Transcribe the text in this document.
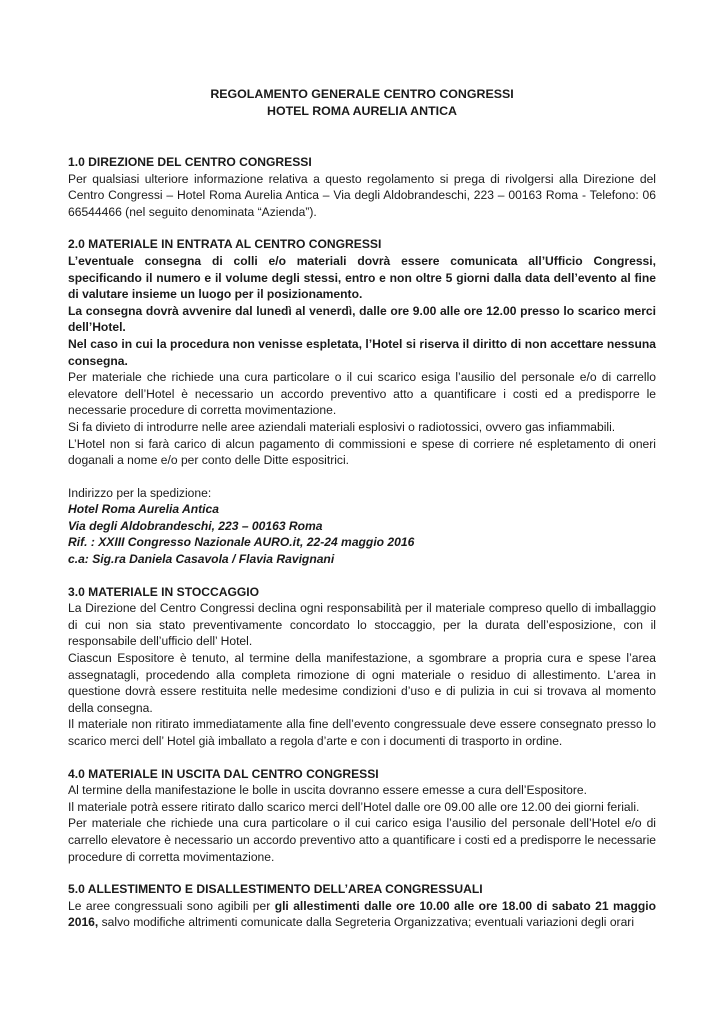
REGOLAMENTO GENERALE CENTRO CONGRESSI
HOTEL ROMA AURELIA ANTICA
1.0 DIREZIONE DEL CENTRO CONGRESSI

Per qualsiasi ulteriore informazione relativa a questo regolamento si prega di rivolgersi alla Direzione del Centro Congressi – Hotel Roma Aurelia Antica – Via degli Aldobrandeschi, 223 – 00163 Roma - Telefono: 06 66544466 (nel seguito denominata “Azienda”).

2.0 MATERIALE IN ENTRATA AL CENTRO CONGRESSI

L’eventuale consegna di colli e/o materiali dovrà essere comunicata all’Ufficio Congressi, specificando il numero e il volume degli stessi, entro e non oltre 5 giorni dalla data dell’evento al fine di valutare insieme un luogo per il posizionamento.

La consegna dovrà avvenire dal lunedì al venerdì, dalle ore 9.00 alle ore 12.00 presso lo scarico merci dell’Hotel.

Nel caso in cui la procedura non venisse espletata, l’Hotel si riserva il diritto di non accettare nessuna consegna.

Per materiale che richiede una cura particolare o il cui scarico esiga l’ausilio del personale e/o di carrello elevatore dell’Hotel è necessario un accordo preventivo atto a quantificare i costi ed a predisporre le necessarie procedure di corretta movimentazione.

Si fa divieto di introdurre nelle aree aziendali materiali esplosivi o radiotossici, ovvero gas infiammabili.

L’Hotel non si farà carico di alcun pagamento di commissioni e spese di corriere né espletamento di oneri doganali a nome e/o per conto delle Ditte espositrici.

Indirizzo per la spedizione:
Hotel Roma Aurelia Antica
Via degli Aldobrandeschi, 223 – 00163 Roma
Rif. : XXIII Congresso Nazionale AURO.it, 22-24 maggio 2016
c.a: Sig.ra Daniela Casavola / Flavia Ravignani
3.0 MATERIALE IN STOCCAGGIO

La Direzione del Centro Congressi declina ogni responsabilità per il materiale compreso quello di imballaggio di cui non sia stato preventivamente concordato lo stoccaggio, per la durata dell’esposizione, con il responsabile dell’ufficio dell’ Hotel.

Ciascun Espositore è tenuto, al termine della manifestazione, a sgombrare a propria cura e spese l’area assegnatagli, procedendo alla completa rimozione di ogni materiale o residuo di allestimento. L’area in questione dovrà essere restituita nelle medesime condizioni d’uso e di pulizia in cui si trovava al momento della consegna.

Il materiale non ritirato immediatamente alla fine dell’evento congressuale deve essere consegnato presso lo scarico merci dell’ Hotel già imballato a regola d’arte e con i documenti di trasporto in ordine.

4.0 MATERIALE IN USCITA DAL CENTRO CONGRESSI

Al termine della manifestazione le bolle in uscita dovranno essere emesse a cura dell’Espositore.

Il materiale potrà essere ritirato dallo scarico merci dell’Hotel dalle ore 09.00 alle ore 12.00 dei giorni feriali.

Per materiale che richiede una cura particolare o il cui carico esiga l’ausilio del personale dell’Hotel e/o di carrello elevatore è necessario un accordo preventivo atto a quantificare i costi ed a predisporre le necessarie procedure di corretta movimentazione.

5.0 ALLESTIMENTO E DISALLESTIMENTO DELL’AREA CONGRESSUALI

Le aree congressuali sono agibili per gli allestimenti dalle ore 10.00 alle ore 18.00 di sabato 21 maggio 2016, salvo modifiche altrimenti comunicate dalla Segreteria Organizzativa; eventuali variazioni degli orari
